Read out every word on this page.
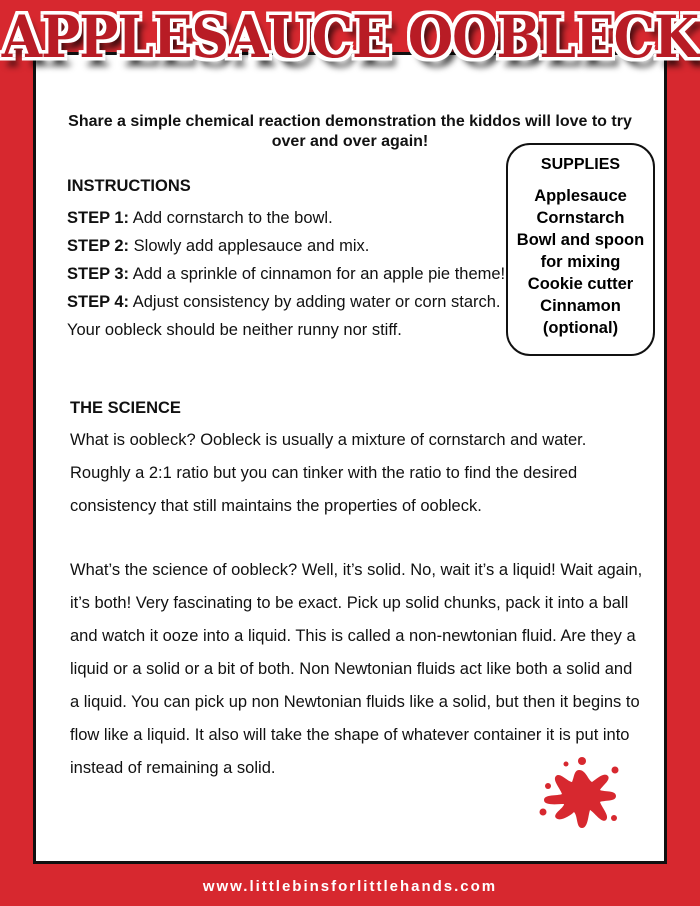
APPLESAUCE OOBLECK
Share a simple chemical reaction demonstration the kiddos will love to try over and over again!
INSTRUCTIONS
STEP 1: Add cornstarch to the bowl.
STEP 2: Slowly add applesauce and mix.
STEP 3: Add a sprinkle of cinnamon for an apple pie theme!
STEP 4: Adjust consistency by adding water or corn starch. Your oobleck should be neither runny nor stiff.
SUPPLIES
Applesauce
Cornstarch
Bowl and spoon
for mixing
Cookie cutter
Cinnamon
(optional)
THE SCIENCE

What is oobleck? Oobleck is usually a mixture of cornstarch and water. Roughly a 2:1 ratio but you can tinker with the ratio to find the desired consistency that still maintains the properties of oobleck.

What’s the science of oobleck? Well, it’s solid. No, wait it’s a liquid! Wait again, it’s both! Very fascinating to be exact. Pick up solid chunks, pack it into a ball and watch it ooze into a liquid. This is called a non-newtonian fluid. Are they a liquid or a solid or a bit of both. Non Newtonian fluids act like both a solid and a liquid. You can pick up non Newtonian fluids like a solid, but then it begins to flow like a liquid. It also will take the shape of whatever container it is put into instead of remaining a solid.

www.littlebinsforlittlehands.com
